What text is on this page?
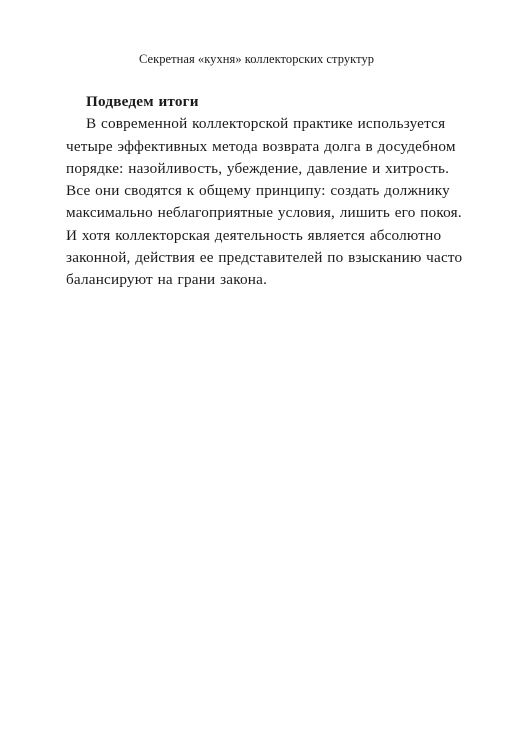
Секретная «кухня» коллекторских структур
Подведем итоги

В современной коллекторской практике используется
четыре эффективных метода возврата долга в досудебном
порядке: назойливость, убеждение, давление и хитрость.
Все они сводятся к общему принципу: создать должнику
максимально неблагоприятные условия, лишить его покоя.
И хотя коллекторская деятельность является абсолютно
законной, действия ее представителей по взысканию часто
балансируют на грани закона.
